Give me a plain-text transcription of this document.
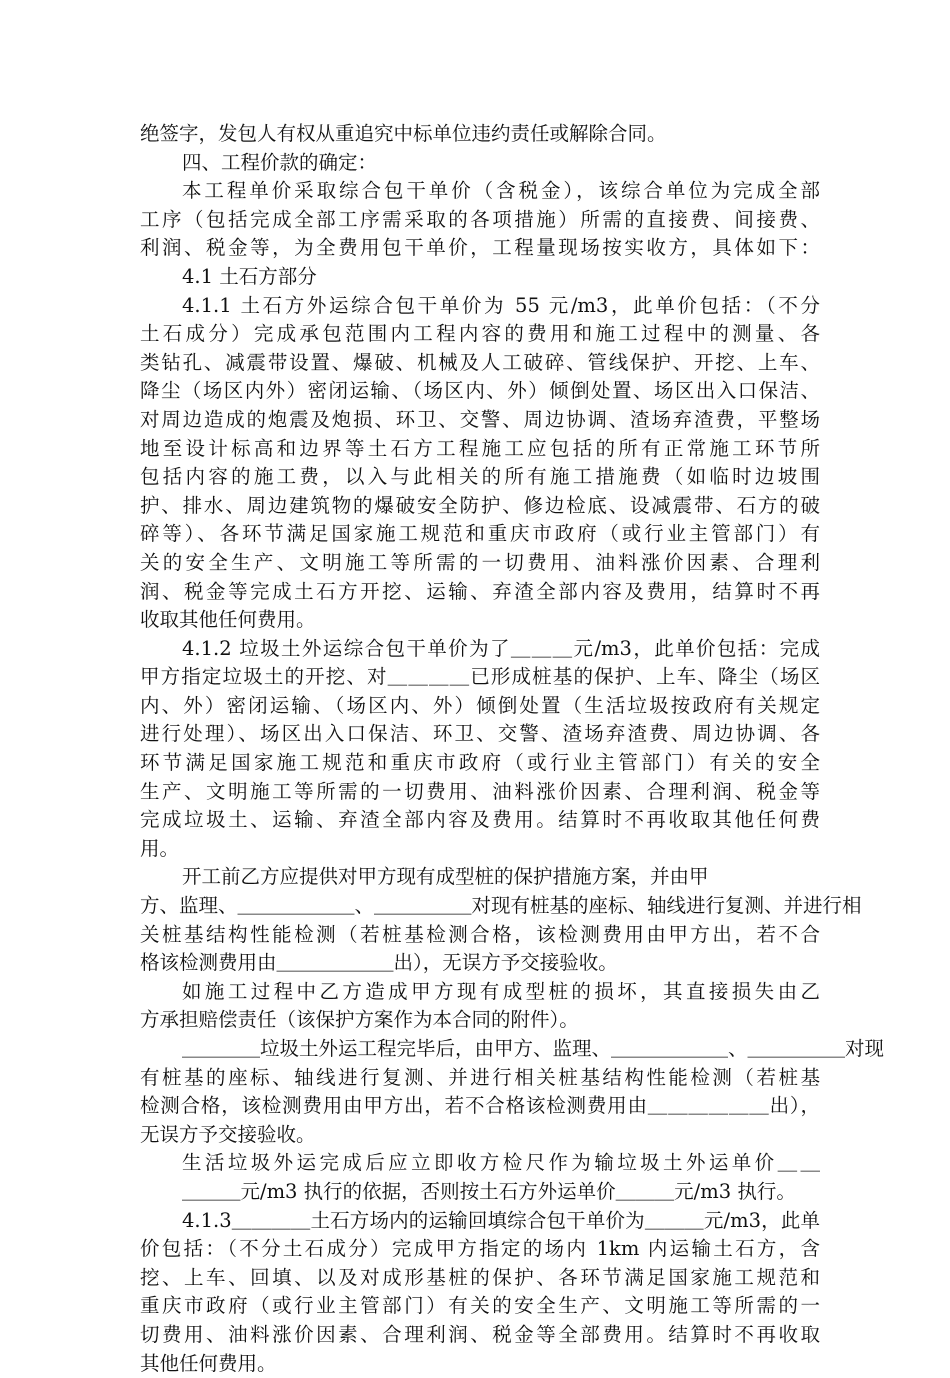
绝签字，发包人有权从重追究中标单位违约责任或解除合同。
四、工程价款的确定：
本工程单价采取综合包干单价（含税金），该综合单位为完成全部
工序（包括完成全部工序需采取的各项措施）所需的直接费、间接费、
利润、税金等，为全费用包干单价，工程量现场按实收方，具体如下：
4.1 土石方部分
4.1.1 土石方外运综合包干单价为 55 元/m3，此单价包括：（不分
土石成分）完成承包范围内工程内容的费用和施工过程中的测量、各
类钻孔、减震带设置、爆破、机械及人工破碎、管线保护、开挖、上车、
降尘（场区内外）密闭运输、（场区内、外）倾倒处置、场区出入口保洁、
对周边造成的炮震及炮损、环卫、交警、周边协调、渣场弃渣费，平整场
地至设计标高和边界等土石方工程施工应包括的所有正常施工环节所
包括内容的施工费，以入与此相关的所有施工措施费（如临时边坡围
护、排水、周边建筑物的爆破安全防护、修边检底、设减震带、石方的破
碎等）、各环节满足国家施工规范和重庆市政府（或行业主管部门）有
关的安全生产、文明施工等所需的一切费用、油料涨价因素、合理利
润、税金等完成土石方开挖、运输、弃渣全部内容及费用，结算时不再
收取其他任何费用。
4.1.2 垃圾土外运综合包干单价为了＿＿＿元/m3，此单价包括：完成
甲方指定垃圾土的开挖、对＿＿＿＿已形成桩基的保护、上车、降尘（场区
内、外）密闭运输、（场区内、外）倾倒处置（生活垃圾按政府有关规定
进行处理）、场区出入口保洁、环卫、交警、渣场弃渣费、周边协调、各
环节满足国家施工规范和重庆市政府（或行业主管部门）有关的安全
生产、文明施工等所需的一切费用、油料涨价因素、合理利润、税金等
完成垃圾土、运输、弃渣全部内容及费用。结算时不再收取其他任何费
用。
开工前乙方应提供对甲方现有成型桩的保护措施方案，并由甲
方、监理、＿＿＿＿＿＿、＿＿＿＿＿对现有桩基的座标、轴线进行复测、并进行相
关桩基结构性能检测（若桩基检测合格，该检测费用由甲方出，若不合
格该检测费用由＿＿＿＿＿＿出），无误方予交接验收。
如施工过程中乙方造成甲方现有成型桩的损坏，其直接损失由乙
方承担赔偿责任（该保护方案作为本合同的附件）。
＿＿＿＿垃圾土外运工程完毕后，由甲方、监理、＿＿＿＿＿＿、＿＿＿＿＿对现
有桩基的座标、轴线进行复测、并进行相关桩基结构性能检测（若桩基
检测合格，该检测费用由甲方出，若不合格该检测费用由＿＿＿＿＿＿出），
无误方予交接验收。
生活垃圾外运完成后应立即收方检尺作为输垃圾土外运单价＿＿
＿＿＿元/m3 执行的依据，否则按土石方外运单价＿＿＿元/m3 执行。
4.1.3＿＿＿＿土石方场内的运输回填综合包干单价为＿＿＿元/m3，此单
价包括：（不分土石成分）完成甲方指定的场内 1km 内运输土石方，含
挖、上车、回填、以及对成形基桩的保护、各环节满足国家施工规范和
重庆市政府（或行业主管部门）有关的安全生产、文明施工等所需的一
切费用、油料涨价因素、合理利润、税金等全部费用。结算时不再收取
其他任何费用。
